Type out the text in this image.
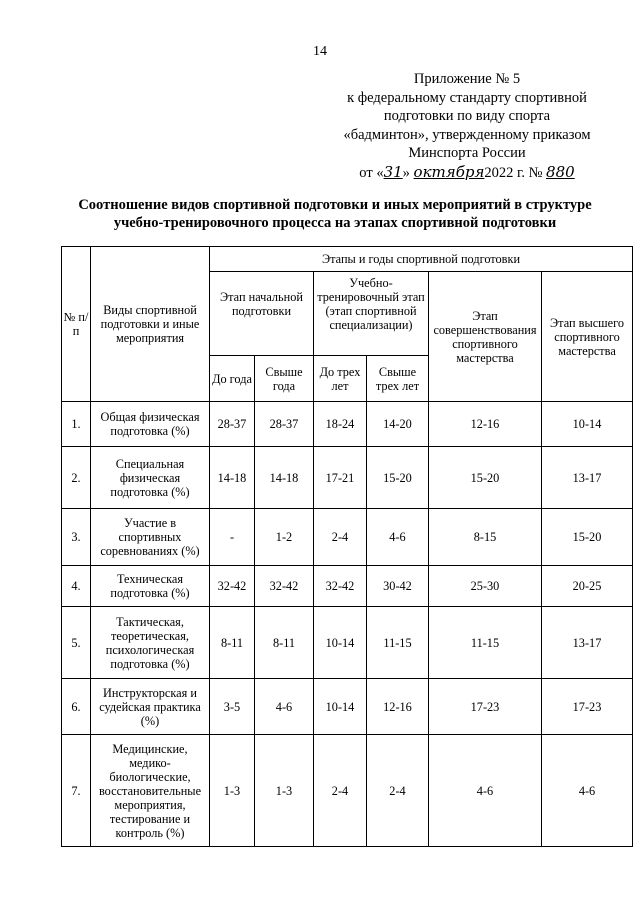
14
Приложение № 5
к федеральному стандарту спортивной
подготовки по виду спорта
«бадминтон», утвержденному приказом
Минспорта России
от «31» октября2022 г. № 880
Соотношение видов спортивной подготовки и иных мероприятий в структуре
учебно-тренировочного процесса на этапах спортивной подготовки
№ п/п	Виды спортивной подготовки и иные мероприятия	Этапы и годы спортивной подготовки					
		Этап начальной подготовки		Учебно-тренировочный этап (этап спортивной специализации)		Этап совершенствования спортивного мастерства	Этап высшего спортивного мастерства
		До года	Свыше года	До трех лет	Свыше трех лет		
1.	Общая физическая подготовка (%)	28-37	28-37	18-24	14-20	12-16	10-14
2.	Специальная физическая подготовка (%)	14-18	14-18	17-21	15-20	15-20	13-17
3.	Участие в спортивных соревнованиях (%)	-	1-2	2-4	4-6	8-15	15-20
4.	Техническая подготовка (%)	32-42	32-42	32-42	30-42	25-30	20-25
5.	Тактическая, теоретическая, психологическая подготовка (%)	8-11	8-11	10-14	11-15	11-15	13-17
6.	Инструкторская и судейская практика (%)	3-5	4-6	10-14	12-16	17-23	17-23
7.	Медицинские, медико-биологические, восстановительные мероприятия, тестирование и контроль (%)	1-3	1-3	2-4	2-4	4-6	4-6
